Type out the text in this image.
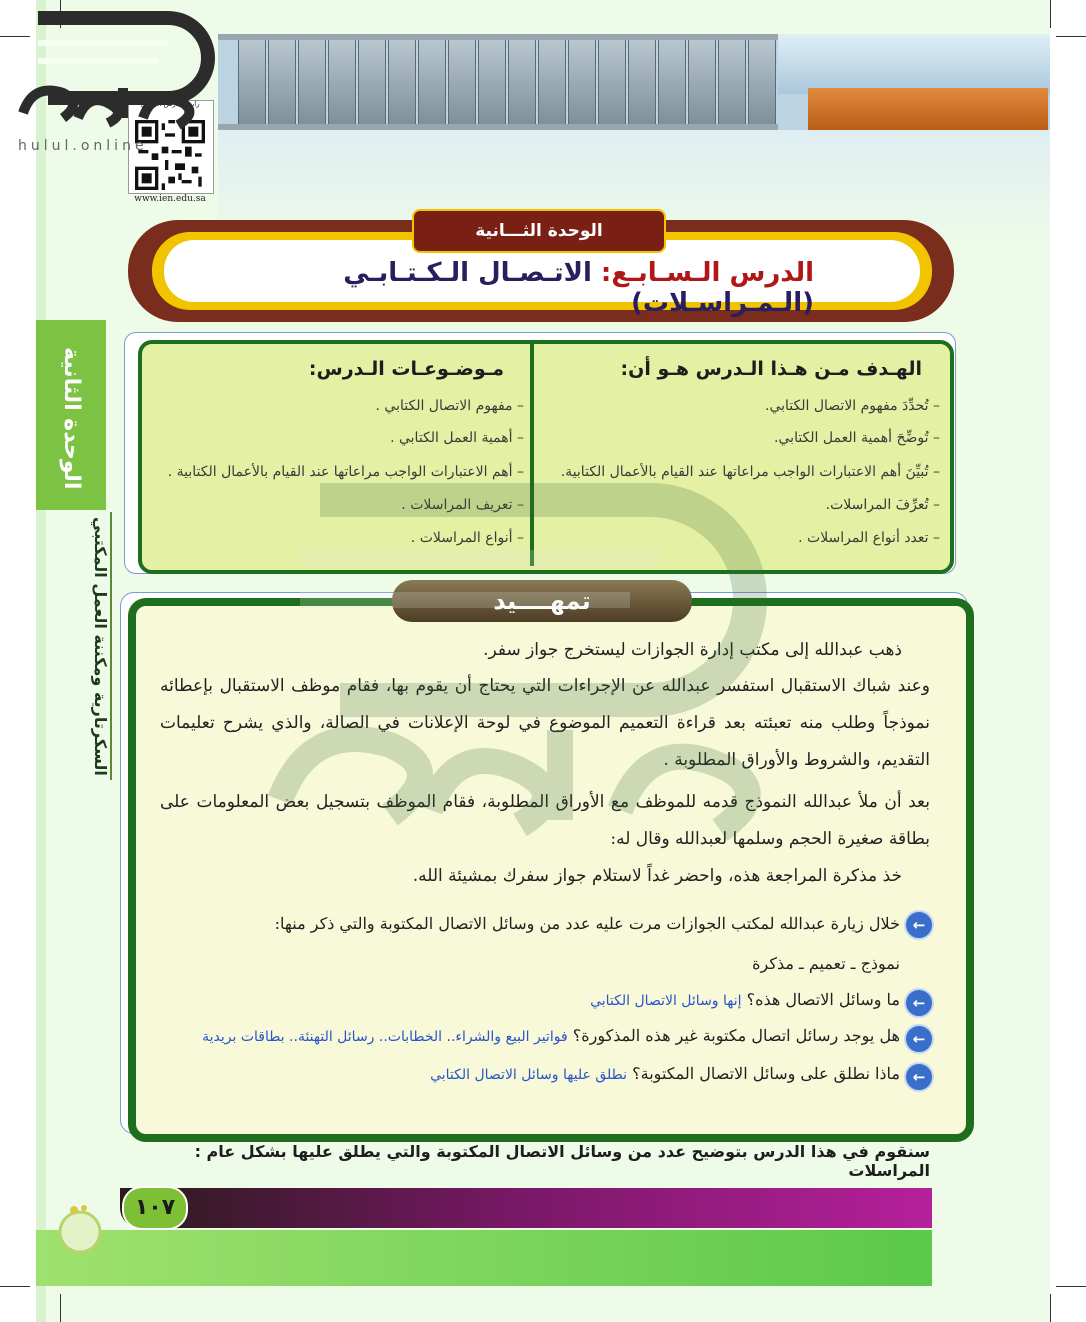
رابط الدرس الرقمي
www.ien.edu.sa
hulul.online
الوحدة الثـــانية
الدرس الـسـابـع: الاتـصـال الـكـتـابـي (الـمـراسـلات)
الوحدة الثانية
السكرتارية ومكننة العمل المكتبي
الهـدف مـن هـذا الـدرس هـو أن:
– تُحدِّدَ مفهوم الاتصال الكتابي.
– تُوضِّحَ أهمية العمل الكتابي.
– تُبيِّنَ أهم الاعتبارات الواجب مراعاتها عند القيام بالأعمال الكتابية.
– تُعرِّفَ المراسلات.
– تعدد أنواع المراسلات .
مـوضـوعـات الـدرس:
– مفهوم الاتصال الكتابي .
– أهمية العمل الكتابي .
– أهم الاعتبارات الواجب مراعاتها عند القيام بالأعمال الكتابية .
– تعريف المراسلات .
– أنواع المراسلات .
تمهــــيد
ذهب عبدالله إلى مكتب إدارة الجوازات ليستخرج جواز سفر.
وعند شباك الاستقبال استفسر عبدالله عن الإجراءات التي يحتاج أن يقوم بها، فقام موظف الاستقبال بإعطائه نموذجاً وطلب منه تعبئته بعد قراءة التعميم الموضوع في لوحة الإعلانات في الصالة، والذي يشرح تعليمات التقديم، والشروط والأوراق المطلوبة .
بعد أن ملأ عبدالله النموذج قدمه للموظف مع الأوراق المطلوبة، فقام الموظف بتسجيل بعض المعلومات على بطاقة صغيرة الحجم وسلمها لعبدالله وقال له:
خذ مذكرة المراجعة هذه، واحضر غداً لاستلام جواز سفرك بمشيئة الله.
←
خلال زيارة عبدالله لمكتب الجوازات مرت عليه عدد من وسائل الاتصال المكتوبة والتي ذكر منها:
نموذج ـ تعميم ـ مذكرة
←
ما وسائل الاتصال هذه؟ إنها وسائل الاتصال الكتابي
←
هل يوجد رسائل اتصال مكتوبة غير هذه المذكورة؟ فواتير البيع والشراء.. الخطابات.. رسائل التهنئة.. بطاقات بريدية
←
ماذا نطلق على وسائل الاتصال المكتوبة؟ نطلق عليها وسائل الاتصال الكتابي
سنقوم في هذا الدرس بتوضيح عدد من وسائل الاتصال المكتوبة والتي يطلق عليها بشكل عام : المراسلات
١٠٧
